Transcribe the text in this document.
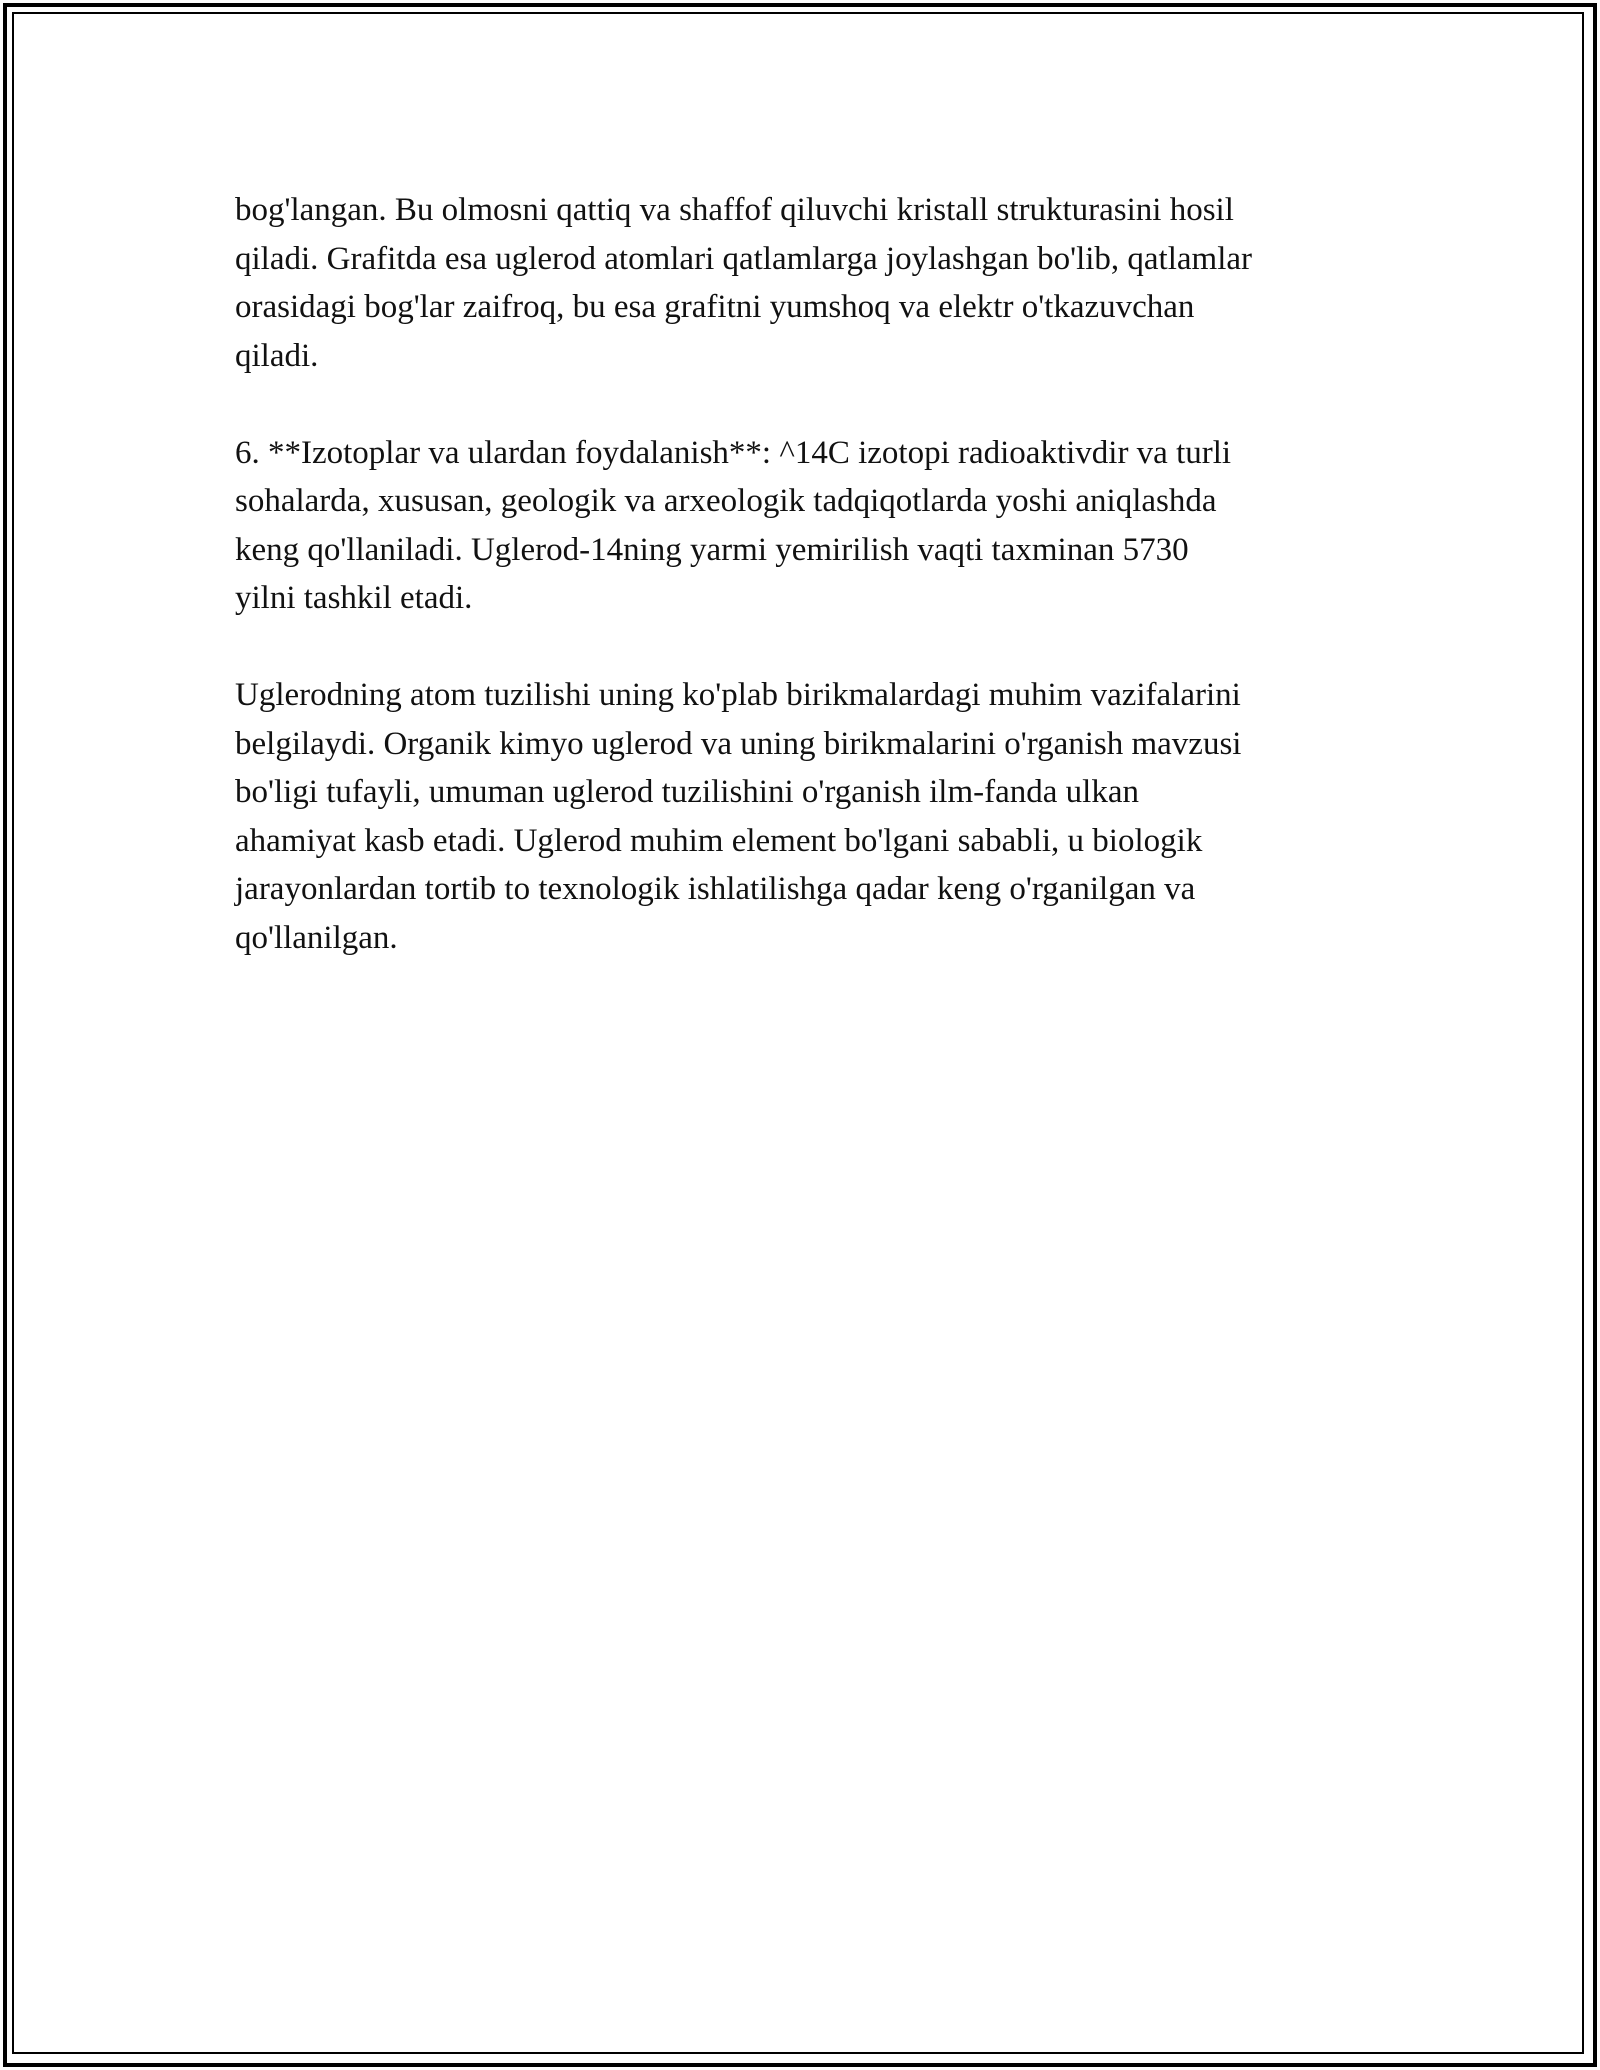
bog'langan. Bu olmosni qattiq va shaffof qiluvchi kristall strukturasini hosil
qiladi. Grafitda esa uglerod atomlari qatlamlarga joylashgan bo'lib, qatlamlar
orasidagi bog'lar zaifroq, bu esa grafitni yumshoq va elektr o'tkazuvchan
qiladi.

6. **Izotoplar va ulardan foydalanish**: ^14C izotopi radioaktivdir va turli
sohalarda, xususan, geologik va arxeologik tadqiqotlarda yoshi aniqlashda
keng qo'llaniladi. Uglerod-14ning yarmi yemirilish vaqti taxminan 5730
yilni tashkil etadi.

Uglerodning atom tuzilishi uning ko'plab birikmalardagi muhim vazifalarini
belgilaydi. Organik kimyo uglerod va uning birikmalarini o'rganish mavzusi
bo'ligi tufayli, umuman uglerod tuzilishini o'rganish ilm-fanda ulkan
ahamiyat kasb etadi. Uglerod muhim element bo'lgani sababli, u biologik
jarayonlardan tortib to texnologik ishlatilishga qadar keng o'rganilgan va
qo'llanilgan.
